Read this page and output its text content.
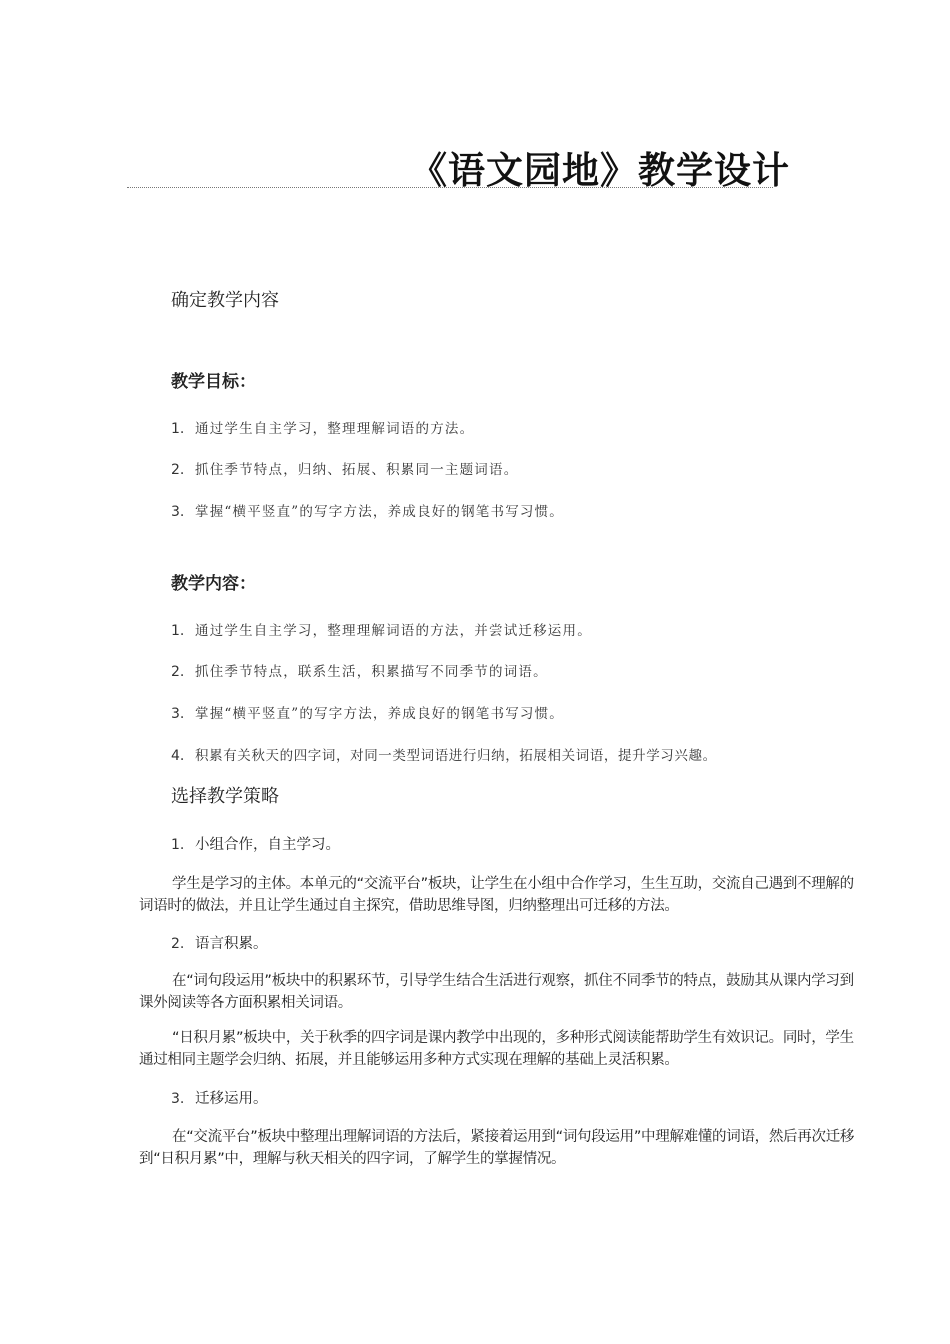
《语文园地》教学设计
确定教学内容
教学目标：
1. 通过学生自主学习，整理理解词语的方法。
2. 抓住季节特点，归纳、拓展、积累同一主题词语。
3. 掌握“横平竖直”的写字方法，养成良好的钢笔书写习惯。
教学内容：
1. 通过学生自主学习，整理理解词语的方法，并尝试迁移运用。
2. 抓住季节特点，联系生活，积累描写不同季节的词语。
3. 掌握“横平竖直”的写字方法，养成良好的钢笔书写习惯。
4. 积累有关秋天的四字词，对同一类型词语进行归纳，拓展相关词语，提升学习兴趣。
选择教学策略
1. 小组合作，自主学习。

学生是学习的主体。本单元的“交流平台”板块，让学生在小组中合作学习，生生互助，交流自己遇到不理解的词语时的做法，并且让学生通过自主探究，借助思维导图，归纳整理出可迁移的方法。

2. 语言积累。

在“词句段运用”板块中的积累环节，引导学生结合生活进行观察，抓住不同季节的特点，鼓励其从课内学习到课外阅读等各方面积累相关词语。

“日积月累”板块中，关于秋季的四字词是课内教学中出现的，多种形式阅读能帮助学生有效识记。同时，学生通过相同主题学会归纳、拓展，并且能够运用多种方式实现在理解的基础上灵活积累。

3. 迁移运用。

在“交流平台”板块中整理出理解词语的方法后，紧接着运用到“词句段运用”中理解难懂的词语，然后再次迁移到“日积月累”中，理解与秋天相关的四字词，了解学生的掌握情况。
